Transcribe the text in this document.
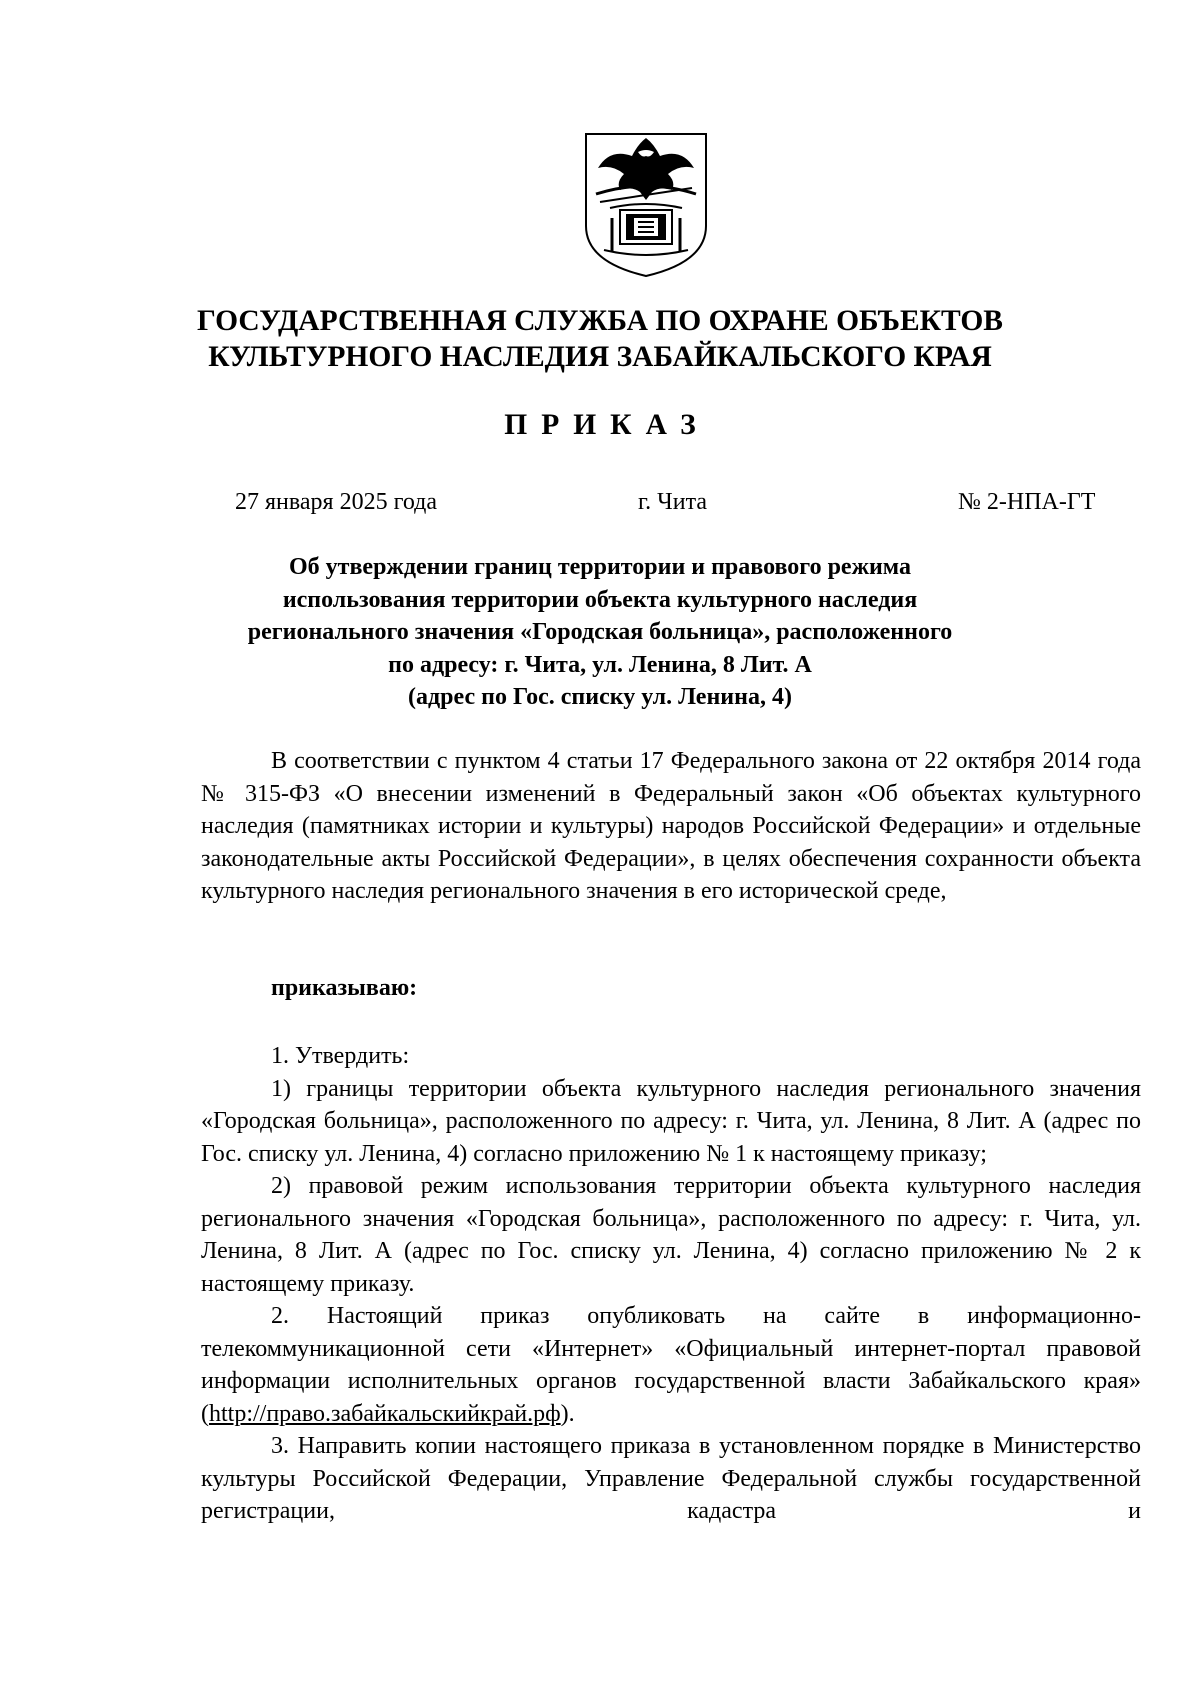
ГОСУДАРСТВЕННАЯ СЛУЖБА ПО ОХРАНЕ ОБЪЕКТОВ
КУЛЬТУРНОГО НАСЛЕДИЯ ЗАБАЙКАЛЬСКОГО КРАЯ
ПРИКАЗ
27 января 2025 года	г. Чита	№ 2-НПА-ГТ
Об утверждении границ территории и правового режима
использования территории объекта культурного наследия
регионального значения «Городская больница», расположенного
по адресу: г. Чита, ул. Ленина, 8 Лит. А
(адрес по Гос. списку ул. Ленина, 4)

В соответствии с пунктом 4 статьи 17 Федерального закона от 22 октября 2014 года № 315-ФЗ «О внесении изменений в Федеральный закон «Об объектах культурного наследия (памятниках истории и культуры) народов Российской Федерации» и отдельные законодательные акты Российской Федерации», в целях обеспечения сохранности объекта культурного наследия регионального значения в его исторической среде,

приказываю:

1. Утвердить:

1) границы территории объекта культурного наследия регионального значения «Городская больница», расположенного по адресу: г. Чита, ул. Ленина, 8 Лит. А (адрес по Гос. списку ул. Ленина, 4) согласно приложению № 1 к настоящему приказу;

2) правовой режим использования территории объекта культурного наследия регионального значения «Городская больница», расположенного по адресу: г. Чита, ул. Ленина, 8 Лит. А (адрес по Гос. списку ул. Ленина, 4) согласно приложению № 2 к настоящему приказу.

2. Настоящий приказ опубликовать на сайте в информационно-телекоммуникационной сети «Интернет» «Официальный интернет-портал правовой информации исполнительных органов государственной власти Забайкальского края» (http://право.забайкальскийкрай.рф).

3. Направить копии настоящего приказа в установленном порядке в Министерство культуры Российской Федерации, Управление Федеральной службы государственной регистрации, кадастра и
